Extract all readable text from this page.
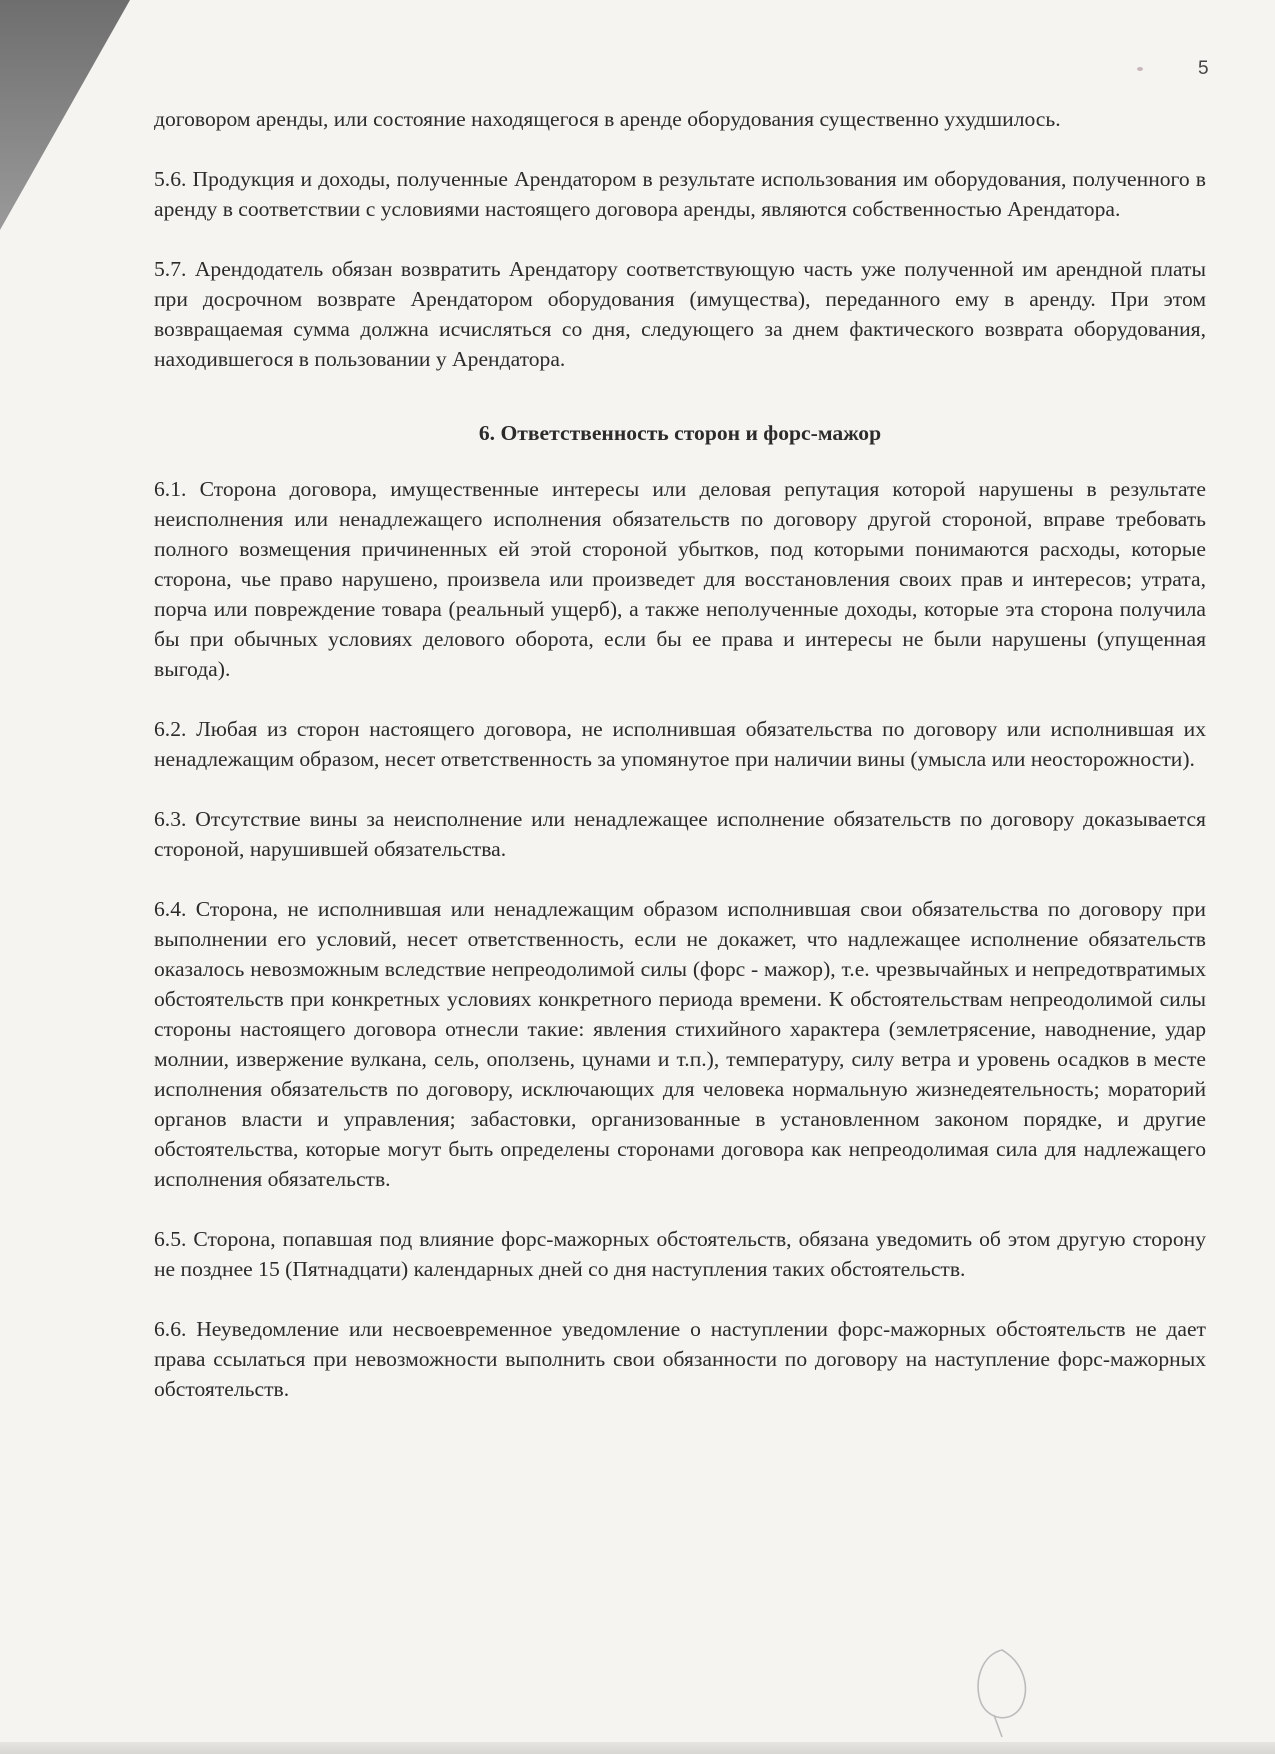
5

договором аренды, или состояние находящегося в аренде оборудования существенно ухудшилось.

5.6. Продукция и доходы, полученные Арендатором в результате использования им оборудования, полученного в аренду в соответствии с условиями настоящего договора аренды, являются собственностью Арендатора.

5.7. Арендодатель обязан возвратить Арендатору соответствующую часть уже полученной им арендной платы при досрочном возврате Арендатором оборудования (имущества), переданного ему в аренду. При этом возвращаемая сумма должна исчисляться со дня, следующего за днем фактического возврата оборудования, находившегося в пользовании у Арендатора.

6. Ответственность сторон и форс-мажор

6.1. Сторона договора, имущественные интересы или деловая репутация которой нарушены в результате неисполнения или ненадлежащего исполнения обязательств по договору другой стороной, вправе требовать полного возмещения причиненных ей этой стороной убытков, под которыми понимаются расходы, которые сторона, чье право нарушено, произвела или произведет для восстановления своих прав и интересов; утрата, порча или повреждение товара (реальный ущерб), а также неполученные доходы, которые эта сторона получила бы при обычных условиях делового оборота, если бы ее права и интересы не были нарушены (упущенная выгода).

6.2. Любая из сторон настоящего договора, не исполнившая обязательства по договору или исполнившая их ненадлежащим образом, несет ответственность за упомянутое при наличии вины (умысла или неосторожности).

6.3. Отсутствие вины за неисполнение или ненадлежащее исполнение обязательств по договору доказывается стороной, нарушившей обязательства.

6.4. Сторона, не исполнившая или ненадлежащим образом исполнившая свои обязательства по договору при выполнении его условий, несет ответственность, если не докажет, что надлежащее исполнение обязательств оказалось невозможным вследствие непреодолимой силы (форс - мажор), т.е. чрезвычайных и непредотвратимых обстоятельств при конкретных условиях конкретного периода времени. К обстоятельствам непреодолимой силы стороны настоящего договора отнесли такие: явления стихийного характера (землетрясение, наводнение, удар молнии, извержение вулкана, сель, оползень, цунами и т.п.), температуру, силу ветра и уровень осадков в месте исполнения обязательств по договору, исключающих для человека нормальную жизнедеятельность; мораторий органов власти и управления; забастовки, организованные в установленном законом порядке, и другие обстоятельства, которые могут быть определены сторонами договора как непреодолимая сила для надлежащего исполнения обязательств.

6.5. Сторона, попавшая под влияние форс-мажорных обстоятельств, обязана уведомить об этом другую сторону не позднее 15 (Пятнадцати) календарных дней со дня наступления таких обстоятельств.

6.6. Неуведомление или несвоевременное уведомление о наступлении форс-мажорных обстоятельств не дает права ссылаться при невозможности выполнить свои обязанности по договору на наступление форс-мажорных обстоятельств.
